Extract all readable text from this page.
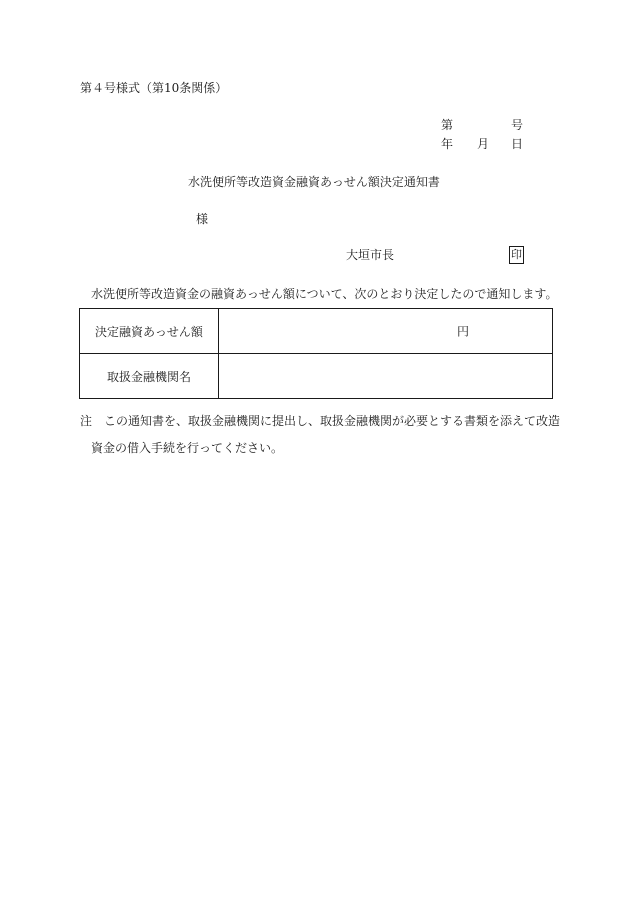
第４号様式（第10条関係）
第	号
年 月 日
水洗便所等改造資金融資あっせん額決定通知書
様
大垣市長	印
水洗便所等改造資金の融資あっせん額について、次のとおり決定したので通知します。
決定融資あっせん額	円

取扱金融機関名	
注 この通知書を、取扱金融機関に提出し、取扱金融機関が必要とする書類を添えて改造
資金の借入手続を行ってください。
